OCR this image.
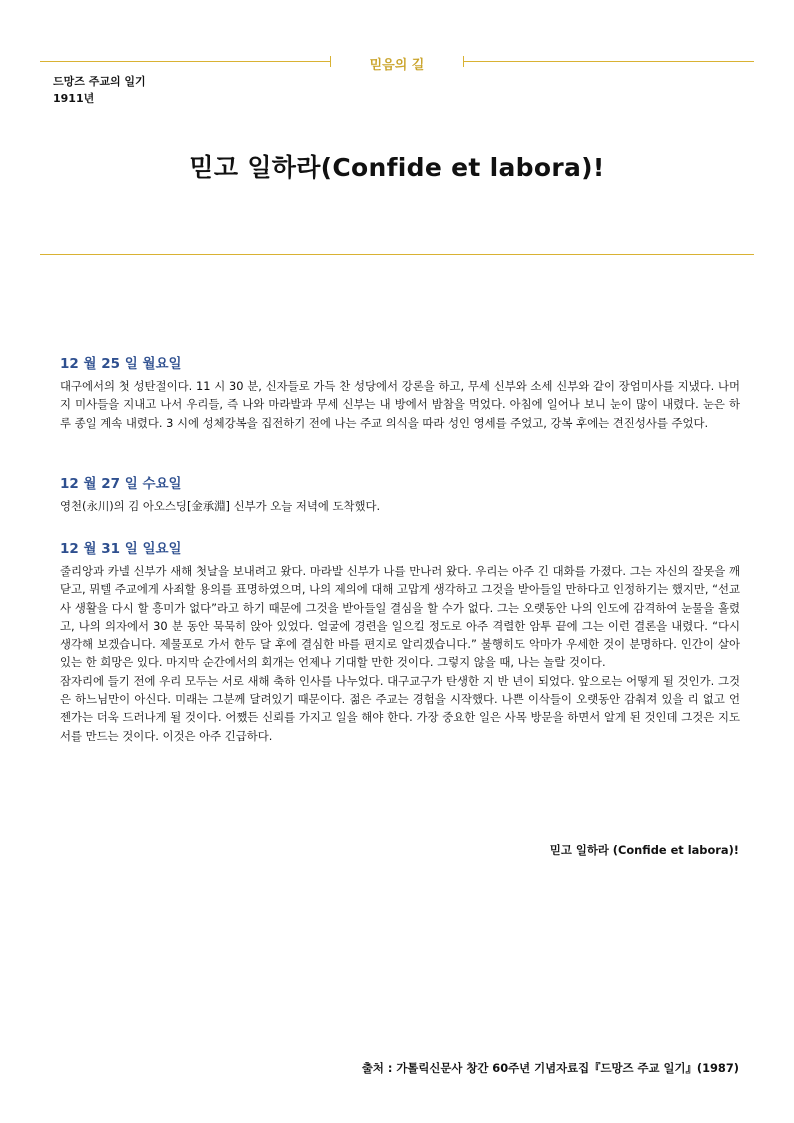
믿음의 길
드망즈 주교의 일기
1911년
믿고 일하라(Confide et labora)!
12 월 25 일 월요일

대구에서의 첫 성탄절이다. 11 시 30 분, 신자들로 가득 찬 성당에서 강론을 하고, 무세 신부와 소세 신부와 같이 장엄미사를 지냈다. 나머지 미사들을 지내고 나서 우리들, 즉 나와 마라발과 무세 신부는 내 방에서 밤참을 먹었다. 아침에 일어나 보니 눈이 많이 내렸다. 눈은 하루 종일 계속 내렸다. 3 시에 성체강복을 집전하기 전에 나는 주교 의식을 따라 성인 영세를 주었고, 강복 후에는 견진성사를 주었다.

12 월 27 일 수요일

영천(永川)의 김 아오스딩[金承淵] 신부가 오늘 저녁에 도착했다.

12 월 31 일 일요일

줄리앙과 카넬 신부가 새해 첫날을 보내려고 왔다. 마라발 신부가 나를 만나러 왔다. 우리는 아주 긴 대화를 가졌다. 그는 자신의 잘못을 깨닫고, 뮈텔 주교에게 사죄할 용의를 표명하였으며, 나의 제의에 대해 고맙게 생각하고 그것을 받아들일 만하다고 인정하기는 했지만, “선교사 생활을 다시 할 흥미가 없다”라고 하기 때문에 그것을 받아들일 결심을 할 수가 없다. 그는 오랫동안 나의 인도에 감격하여 눈물을 흘렸고, 나의 의자에서 30 분 동안 묵묵히 앉아 있었다. 얼굴에 경련을 일으킬 정도로 아주 격렬한 암투 끝에 그는 이런 결론을 내렸다. “다시 생각해 보겠습니다. 제물포로 가서 한두 달 후에 결심한 바를 편지로 알리겠습니다.” 불행히도 악마가 우세한 것이 분명하다. 인간이 살아있는 한 희망은 있다. 마지막 순간에서의 회개는 언제나 기대할 만한 것이다. 그렇지 않을 때, 나는 놀랄 것이다.

잠자리에 들기 전에 우리 모두는 서로 새해 축하 인사를 나누었다. 대구교구가 탄생한 지 반 년이 되었다. 앞으로는 어떻게 될 것인가. 그것은 하느님만이 아신다. 미래는 그분께 달려있기 때문이다. 젊은 주교는 경험을 시작했다. 나쁜 이삭들이 오랫동안 감춰져 있을 리 없고 언젠가는 더욱 드러나게 될 것이다. 어쨌든 신뢰를 가지고 일을 해야 한다. 가장 중요한 일은 사목 방문을 하면서 알게 된 것인데 그것은 지도서를 만드는 것이다. 이것은 아주 긴급하다.

믿고 일하라 (Confide et labora)!
출처 : 가톨릭신문사 창간 60주년 기념자료집『드망즈 주교 일기』(1987)
